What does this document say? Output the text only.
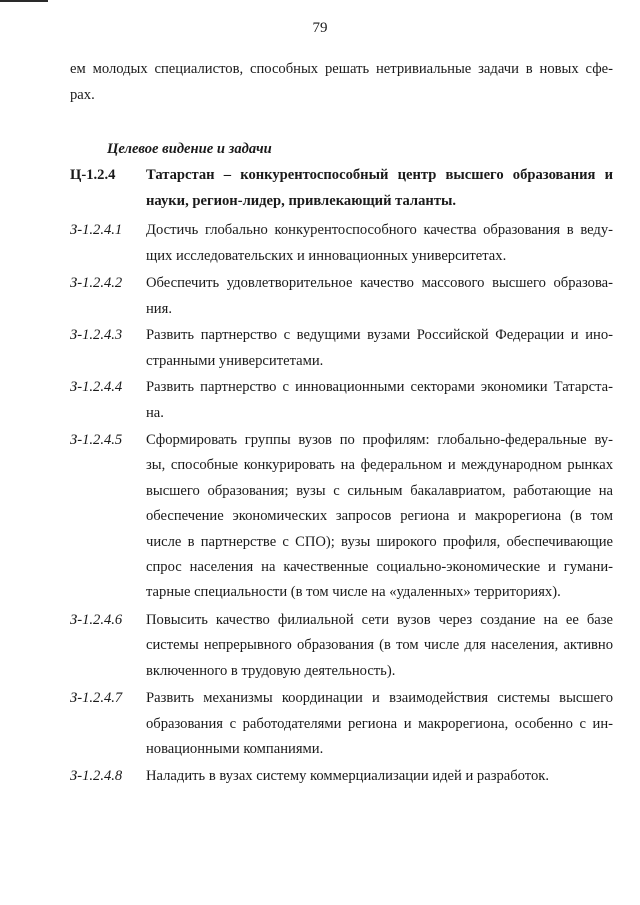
79
ем молодых специалистов, способных решать нетривиальные задачи в новых сфе-
рах.
Целевое видение и задачи
Ц-1.2.4 Татарстан – конкурентоспособный центр высшего образования и
науки, регион-лидер, привлекающий таланты.
З-1.2.4.1 Достичь глобально конкурентоспособного качества образования в веду-
щих исследовательских и инновационных университетах.
З-1.2.4.2 Обеспечить удовлетворительное качество массового высшего образова-
ния.
З-1.2.4.3 Развить партнерство с ведущими вузами Российской Федерации и ино-
странными университетами.
З-1.2.4.4 Развить партнерство с инновационными секторами экономики Татарста-
на.
З-1.2.4.5 Сформировать группы вузов по профилям: глобально-федеральные ву-
зы, способные конкурировать на федеральном и международном рынках
высшего образования; вузы с сильным бакалавриатом, работающие на
обеспечение экономических запросов региона и макрорегиона (в том
числе в партнерстве с СПО); вузы широкого профиля, обеспечивающие
спрос населения на качественные социально-экономические и гумани-
тарные специальности (в том числе на «удаленных» территориях).
З-1.2.4.6 Повысить качество филиальной сети вузов через создание на ее базе
системы непрерывного образования (в том числе для населения, активно
включенного в трудовую деятельность).
З-1.2.4.7 Развить механизмы координации и взаимодействия системы высшего
образования с работодателями региона и макрорегиона, особенно с ин-
новационными компаниями.
З-1.2.4.8 Наладить в вузах систему коммерциализации идей и разработок.
